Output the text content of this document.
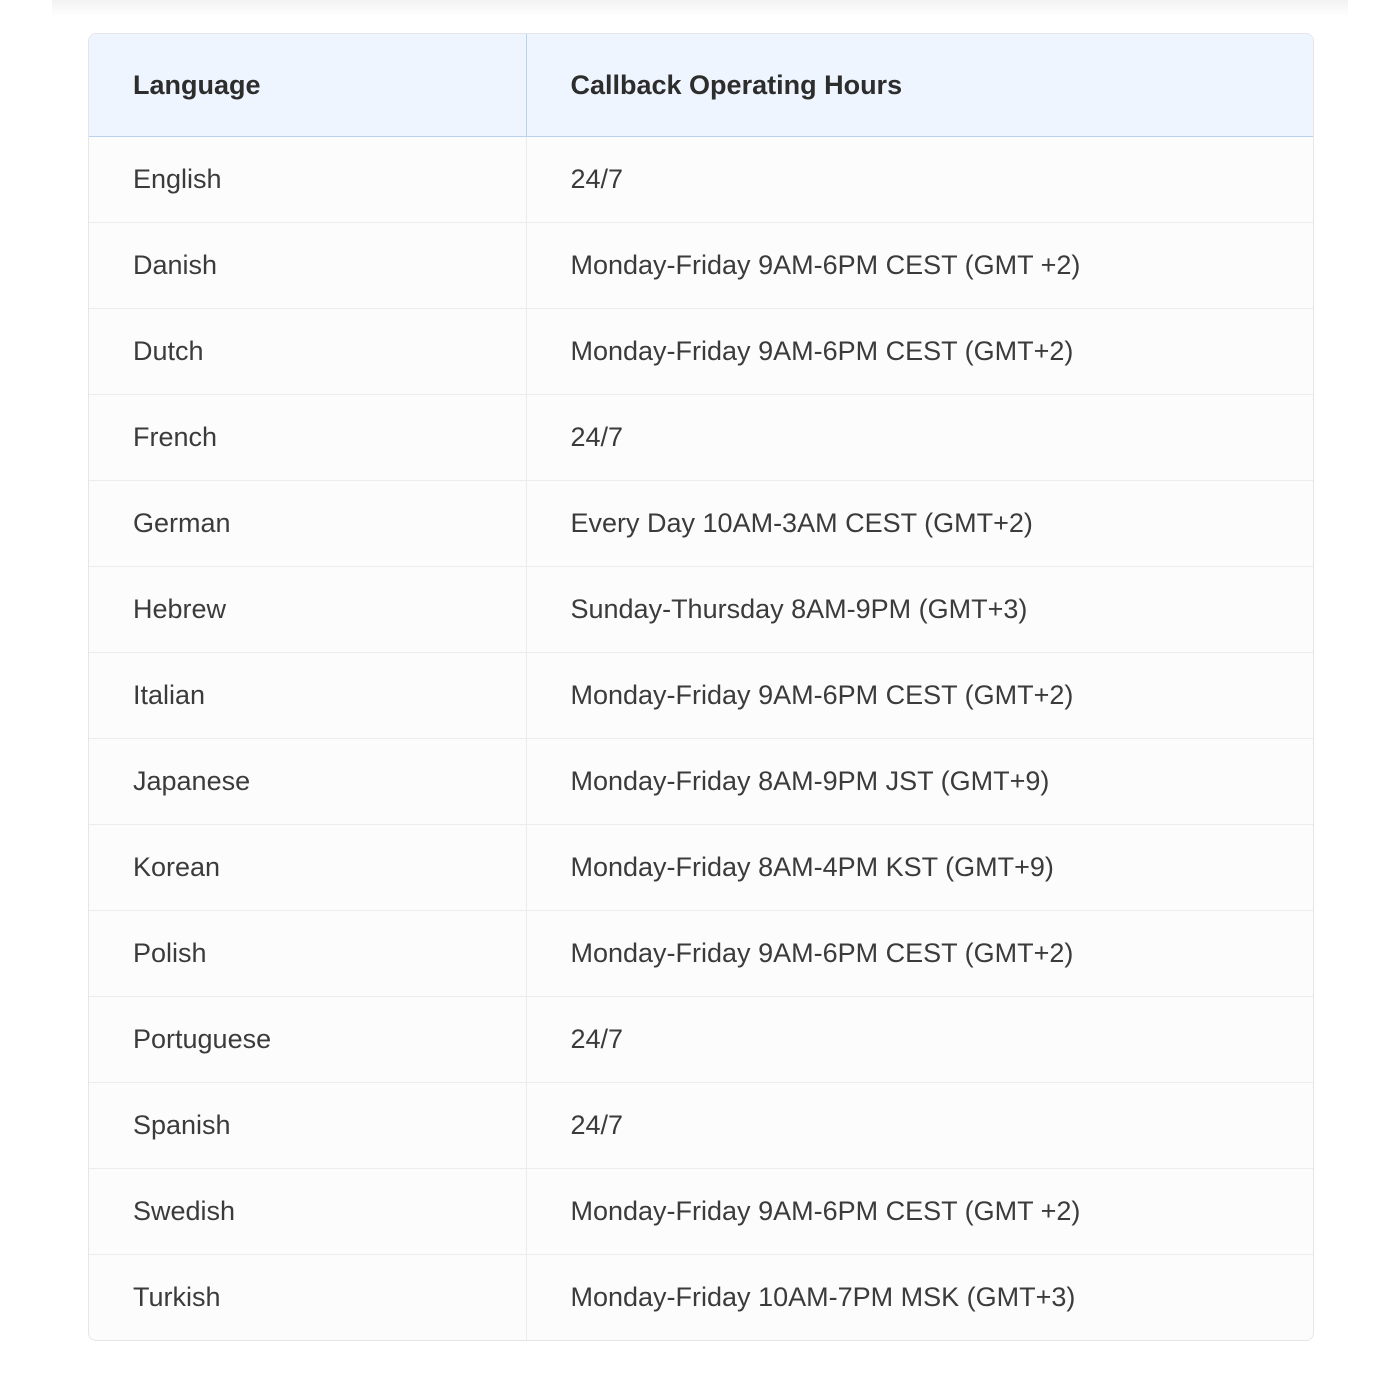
Language	Callback Operating Hours
English	24/7
Danish	Monday-Friday 9AM-6PM CEST (GMT +2)
Dutch	Monday-Friday 9AM-6PM CEST (GMT+2)
French	24/7
German	Every Day 10AM-3AM CEST (GMT+2)
Hebrew	Sunday-Thursday 8AM-9PM (GMT+3)
Italian	Monday-Friday 9AM-6PM CEST (GMT+2)
Japanese	Monday-Friday 8AM-9PM JST (GMT+9)
Korean	Monday-Friday 8AM-4PM KST (GMT+9)
Polish	Monday-Friday 9AM-6PM CEST (GMT+2)
Portuguese	24/7
Spanish	24/7
Swedish	Monday-Friday 9AM-6PM CEST (GMT +2)
Turkish	Monday-Friday 10AM-7PM MSK (GMT+3)
